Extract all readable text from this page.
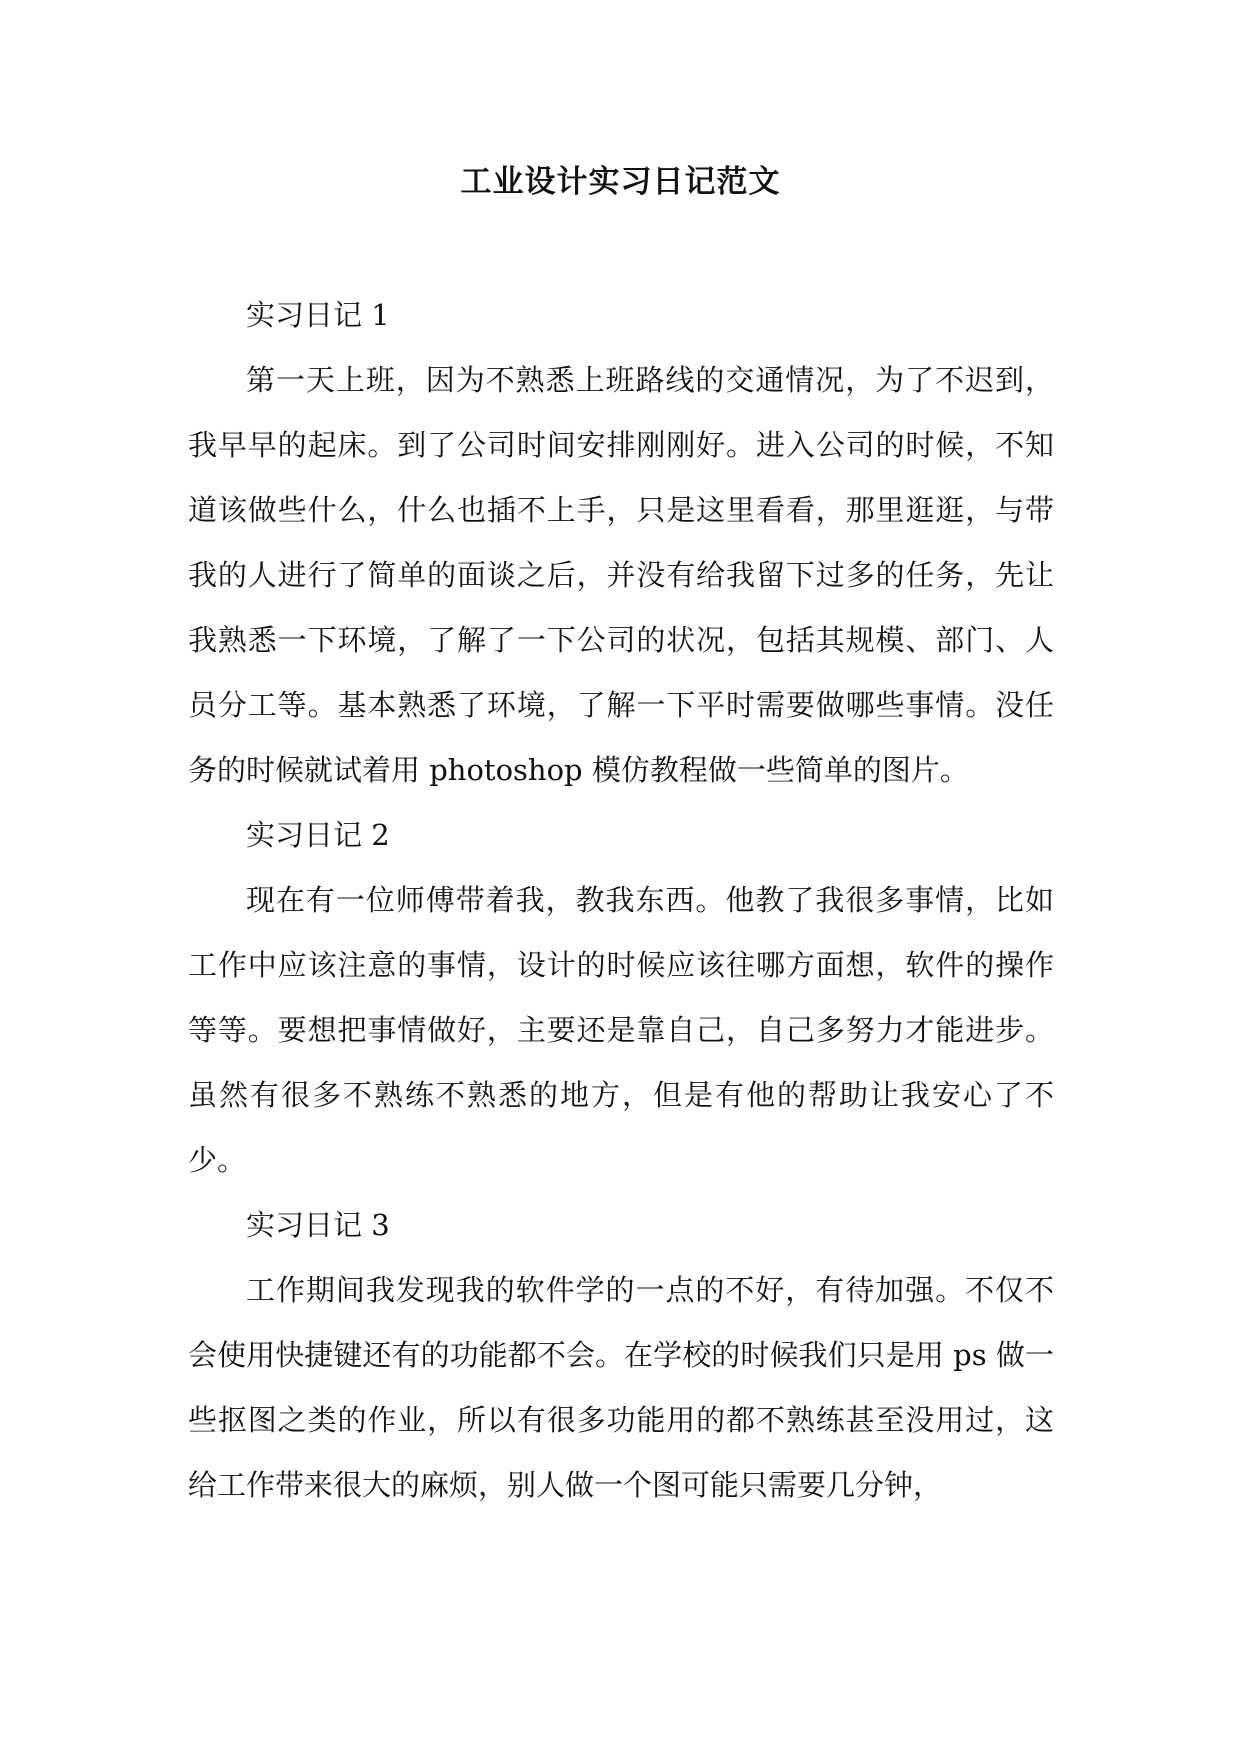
工业设计实习日记范文

实习日记 1

第一天上班，因为不熟悉上班路线的交通情况，为了不迟到，我早早的起床。到了公司时间安排刚刚好。进入公司的时候，不知道该做些什么，什么也插不上手，只是这里看看，那里逛逛，与带我的人进行了简单的面谈之后，并没有给我留下过多的任务，先让我熟悉一下环境，了解了一下公司的状况，包括其规模、部门、人员分工等。基本熟悉了环境，了解一下平时需要做哪些事情。没任务的时候就试着用 photoshop 模仿教程做一些简单的图片。

实习日记 2

现在有一位师傅带着我，教我东西。他教了我很多事情，比如工作中应该注意的事情，设计的时候应该往哪方面想，软件的操作等等。要想把事情做好，主要还是靠自己，自己多努力才能进步。虽然有很多不熟练不熟悉的地方，但是有他的帮助让我安心了不少。

实习日记 3

工作期间我发现我的软件学的一点的不好，有待加强。不仅不会使用快捷键还有的功能都不会。在学校的时候我们只是用 ps 做一些抠图之类的作业，所以有很多功能用的都不熟练甚至没用过，这给工作带来很大的麻烦，别人做一个图可能只需要几分钟，
